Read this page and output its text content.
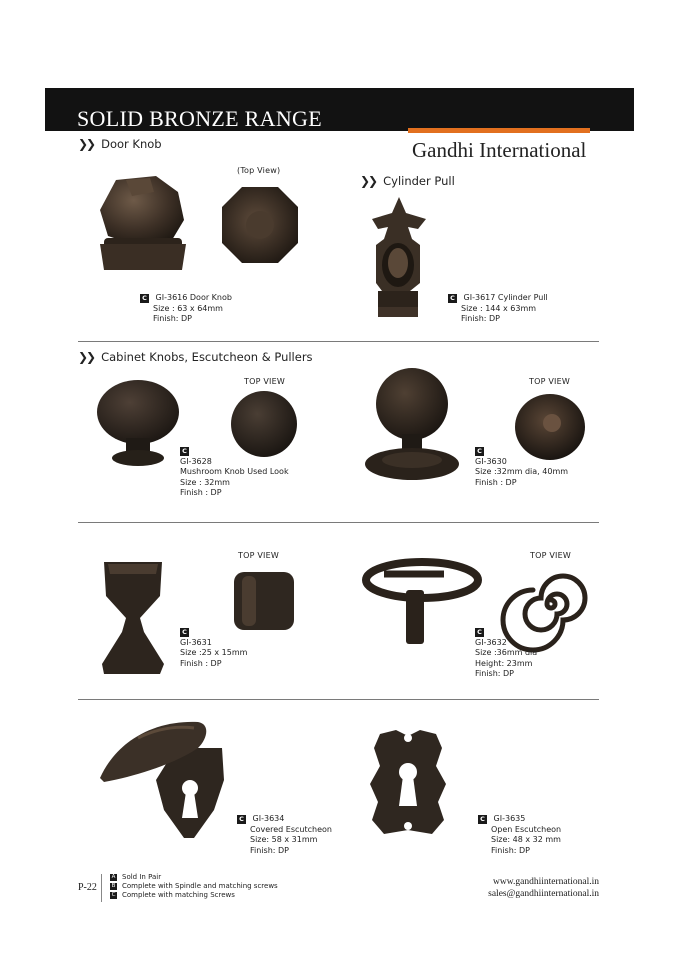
SOLID BRONZE RANGE
Gandhi International
❯❯ Door Knob
(Top View)
C GI-3616 Door Knob
Size : 63 x 64mm
Finish: DP
❯❯ Cylinder Pull
C GI-3617 Cylinder Pull
Size : 144 x 63mm
Finish: DP
❯❯ Cabinet Knobs, Escutcheon & Pullers
TOP VIEW
C
GI-3628
Mushroom Knob Used Look
Size : 32mm
Finish : DP
TOP VIEW
C
GI-3630
Size :32mm dia, 40mm
Finish : DP
TOP VIEW
C
GI-3631
Size :25 x 15mm
Finish : DP
TOP VIEW
C
GI-3632
Size :36mm dia
Height: 23mm
Finish: DP
C GI-3634
Covered Escutcheon
Size: 58 x 31mm
Finish: DP
C GI-3635
Open Escutcheon
Size: 48 x 32 mm
Finish: DP
P-22
A Sold In Pair
B Complete with Spindle and matching screws
C Complete with matching Screws
www.gandhiinternational.in
sales@gandhiinternational.in
